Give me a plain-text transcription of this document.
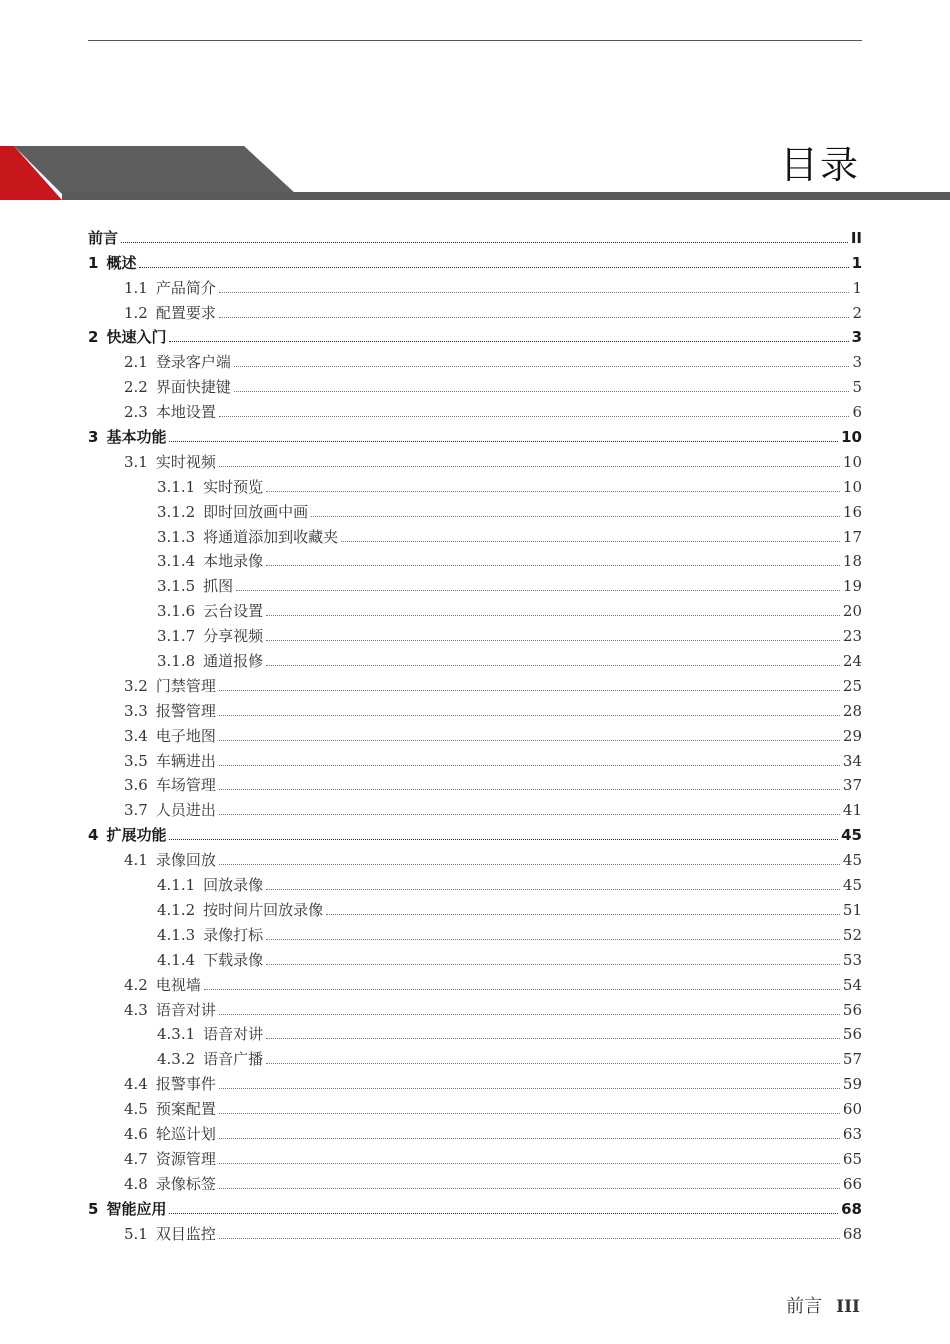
目录
前言	II
1 概述	1
1.1 产品简介	1
1.2 配置要求	2
2 快速入门	3
2.1 登录客户端	3
2.2 界面快捷键	5
2.3 本地设置	6
3 基本功能	10
3.1 实时视频	10
3.1.1 实时预览	10
3.1.2 即时回放画中画	16
3.1.3 将通道添加到收藏夹	17
3.1.4 本地录像	18
3.1.5 抓图	19
3.1.6 云台设置	20
3.1.7 分享视频	23
3.1.8 通道报修	24
3.2 门禁管理	25
3.3 报警管理	28
3.4 电子地图	29
3.5 车辆进出	34
3.6 车场管理	37
3.7 人员进出	41
4 扩展功能	45
4.1 录像回放	45
4.1.1 回放录像	45
4.1.2 按时间片回放录像	51
4.1.3 录像打标	52
4.1.4 下载录像	53
4.2 电视墙	54
4.3 语音对讲	56
4.3.1 语音对讲	56
4.3.2 语音广播	57
4.4 报警事件	59
4.5 预案配置	60
4.6 轮巡计划	63
4.7 资源管理	65
4.8 录像标签	66
5 智能应用	68
5.1 双目监控	68
前言 III
